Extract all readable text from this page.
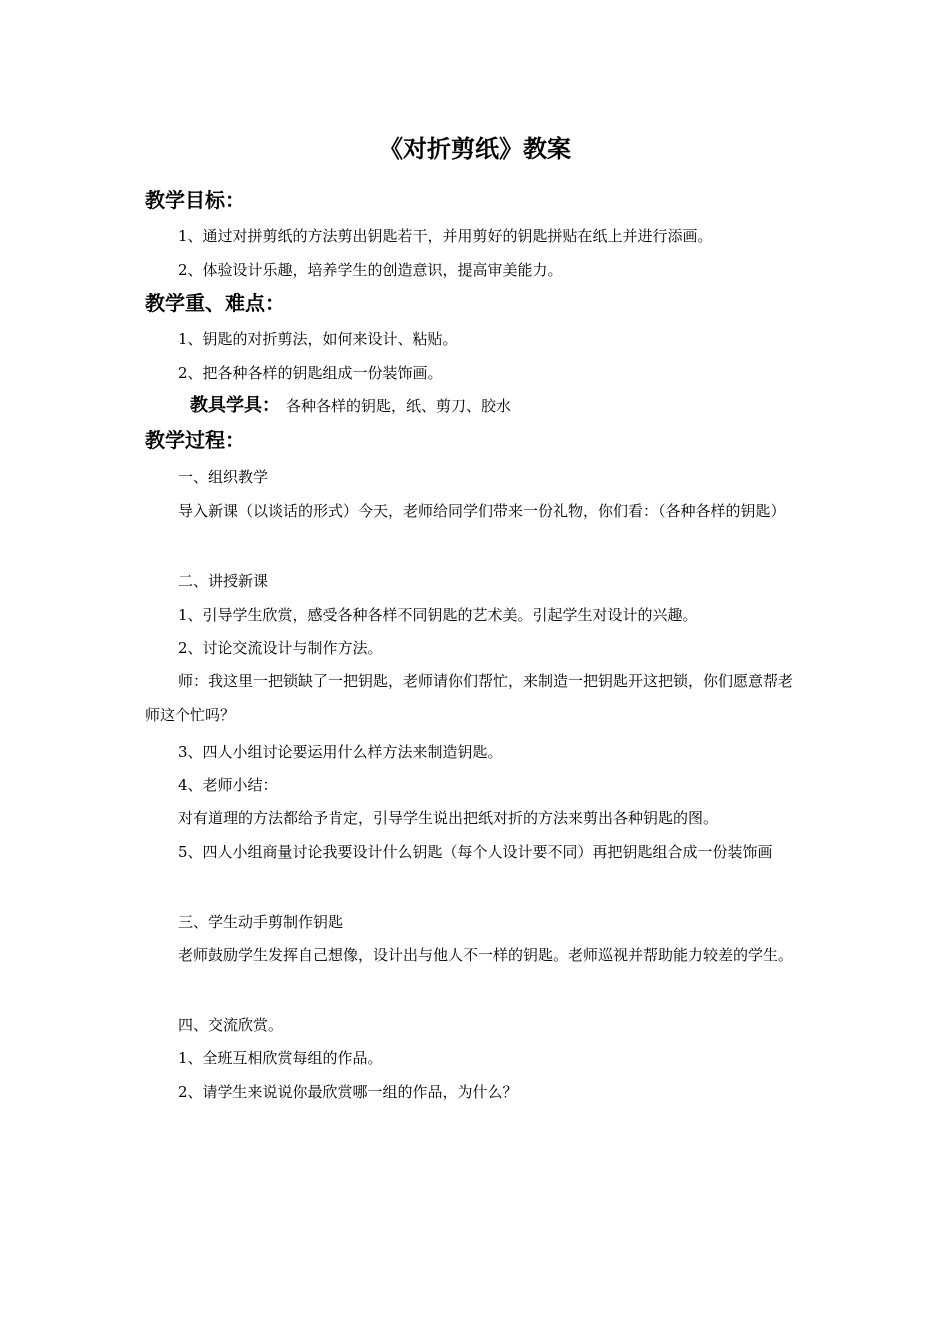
《对折剪纸》教案
教学目标：

1、通过对拼剪纸的方法剪出钥匙若干，并用剪好的钥匙拼贴在纸上并进行添画。

2、体验设计乐趣，培养学生的创造意识，提高审美能力。

教学重、难点：

1、钥匙的对折剪法，如何来设计、粘贴。

2、把各种各样的钥匙组成一份装饰画。

教具学具： 各种各样的钥匙，纸、剪刀、胶水

教学过程：

一、组织教学

导入新课（以谈话的形式）今天，老师给同学们带来一份礼物，你们看：（各种各样的钥匙）

二、讲授新课

1、引导学生欣赏，感受各种各样不同钥匙的艺术美。引起学生对设计的兴趣。

2、讨论交流设计与制作方法。

师：我这里一把锁缺了一把钥匙，老师请你们帮忙，来制造一把钥匙开这把锁，你们愿意帮老师这个忙吗？

3、四人小组讨论要运用什么样方法来制造钥匙。

4、老师小结：

对有道理的方法都给予肯定，引导学生说出把纸对折的方法来剪出各种钥匙的图。

5、四人小组商量讨论我要设计什么钥匙（每个人设计要不同）再把钥匙组合成一份装饰画

三、学生动手剪制作钥匙

老师鼓励学生发挥自己想像，设计出与他人不一样的钥匙。老师巡视并帮助能力较差的学生。

四、交流欣赏。

1、全班互相欣赏每组的作品。

2、请学生来说说你最欣赏哪一组的作品，为什么？
